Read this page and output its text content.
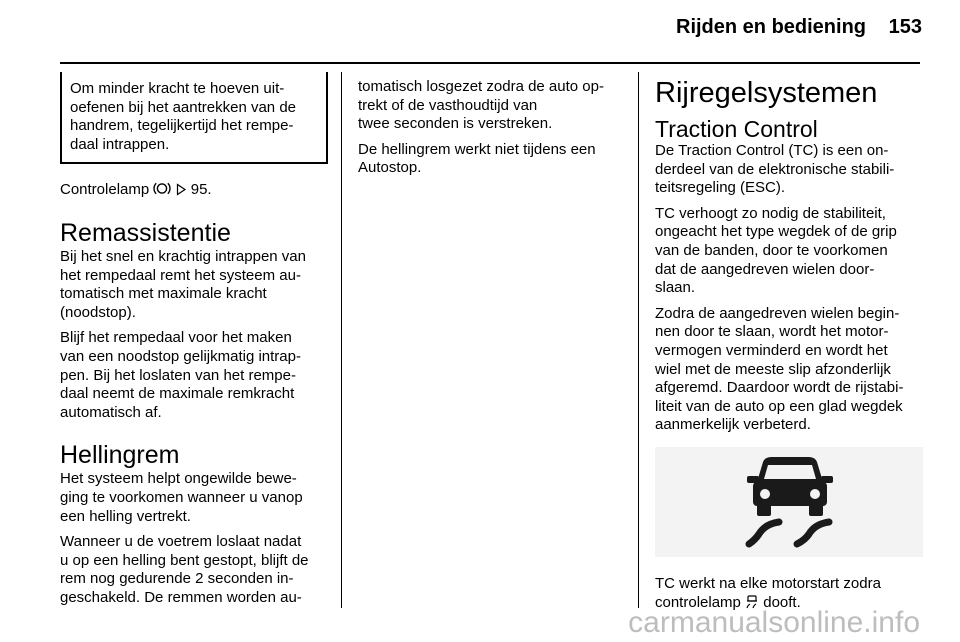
Rijden en bediening 153

Om minder kracht te hoeven uit-
oefenen bij het aantrekken van de
handrem, tegelijkertijd het rempe-
daal intrappen.

Controlelamp	95.

Remassistentie

Bij het snel en krachtig intrappen van
het rempedaal remt het systeem au-
tomatisch met maximale kracht
(noodstop).

Blijf het rempedaal voor het maken
van een noodstop gelijkmatig intrap-
pen. Bij het loslaten van het rempe-
daal neemt de maximale remkracht
automatisch af.

Hellingrem

Het systeem helpt ongewilde bewe-
ging te voorkomen wanneer u vanop
een helling vertrekt.

Wanneer u de voetrem loslaat nadat
u op een helling bent gestopt, blijft de
rem nog gedurende 2 seconden in-
geschakeld. De remmen worden au-

tomatisch losgezet zodra de auto op-
trekt of de vasthoudtijd van
twee seconden is verstreken.

De hellingrem werkt niet tijdens een
Autostop.

Rijregelsystemen
Traction Control

De Traction Control (TC) is een on-
derdeel van de elektronische stabili-
teitsregeling (ESC).

TC verhoogt zo nodig de stabiliteit,
ongeacht het type wegdek of de grip
van de banden, door te voorkomen
dat de aangedreven wielen door-
slaan.

Zodra de aangedreven wielen begin-
nen door te slaan, wordt het motor-
vermogen verminderd en wordt het
wiel met de meeste slip afzonderlijk
afgeremd. Daardoor wordt de rijstabi-
liteit van de auto op een glad wegdek
aanmerkelijk verbeterd.

TC werkt na elke motorstart zodra
controlelamp dooft.

carmanualsonline.info
